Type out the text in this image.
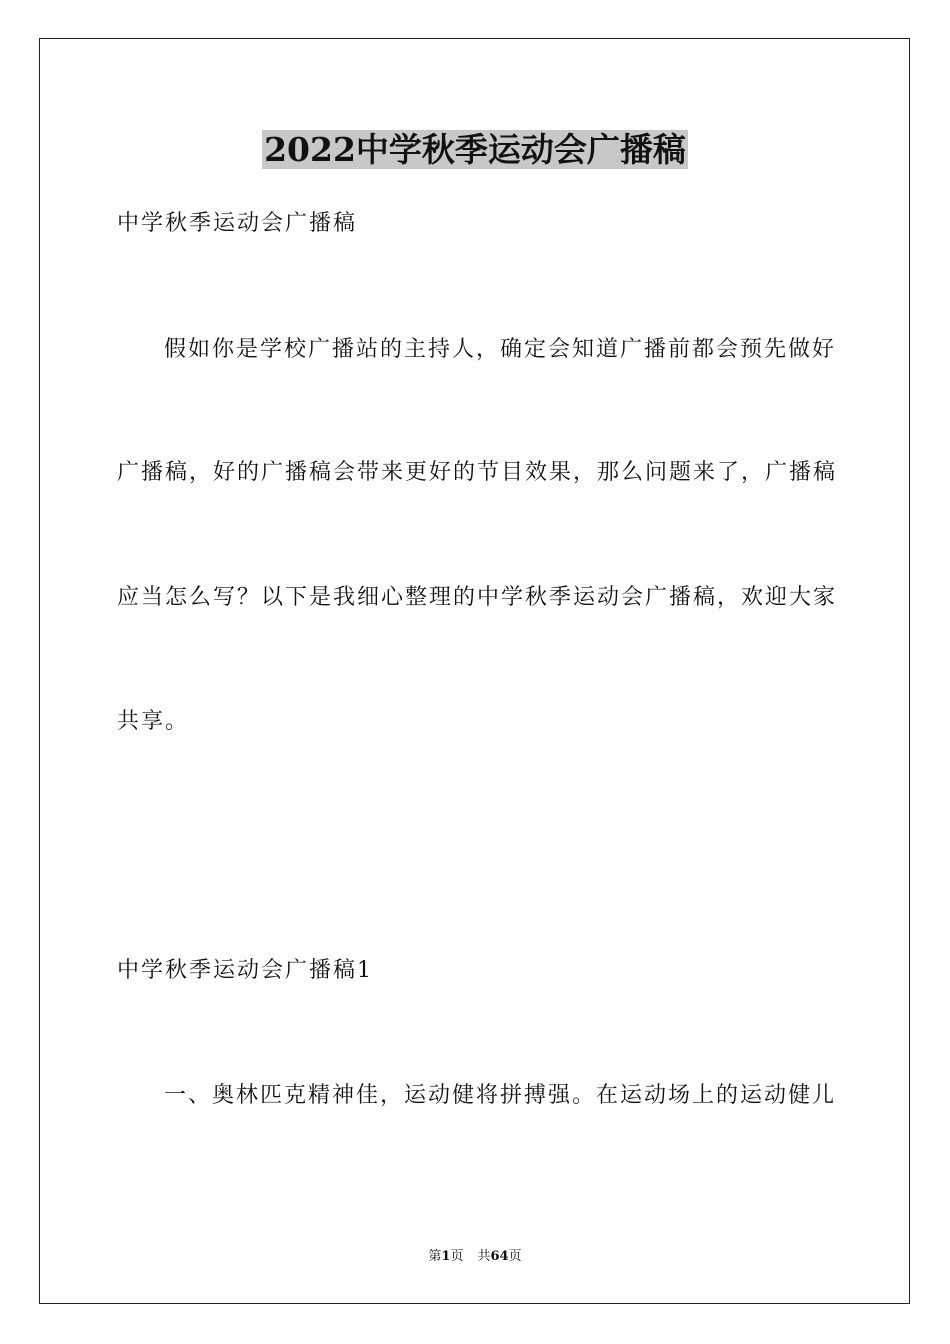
2022中学秋季运动会广播稿
中学秋季运动会广播稿
假如你是学校广播站的主持人，确定会知道广播前都会预先做好
广播稿，好的广播稿会带来更好的节目效果，那么问题来了，广播稿
应当怎么写？以下是我细心整理的中学秋季运动会广播稿，欢迎大家
共享。
中学秋季运动会广播稿1
一、奥林匹克精神佳，运动健将拼搏强。在运动场上的运动健儿
第1页 共64页
